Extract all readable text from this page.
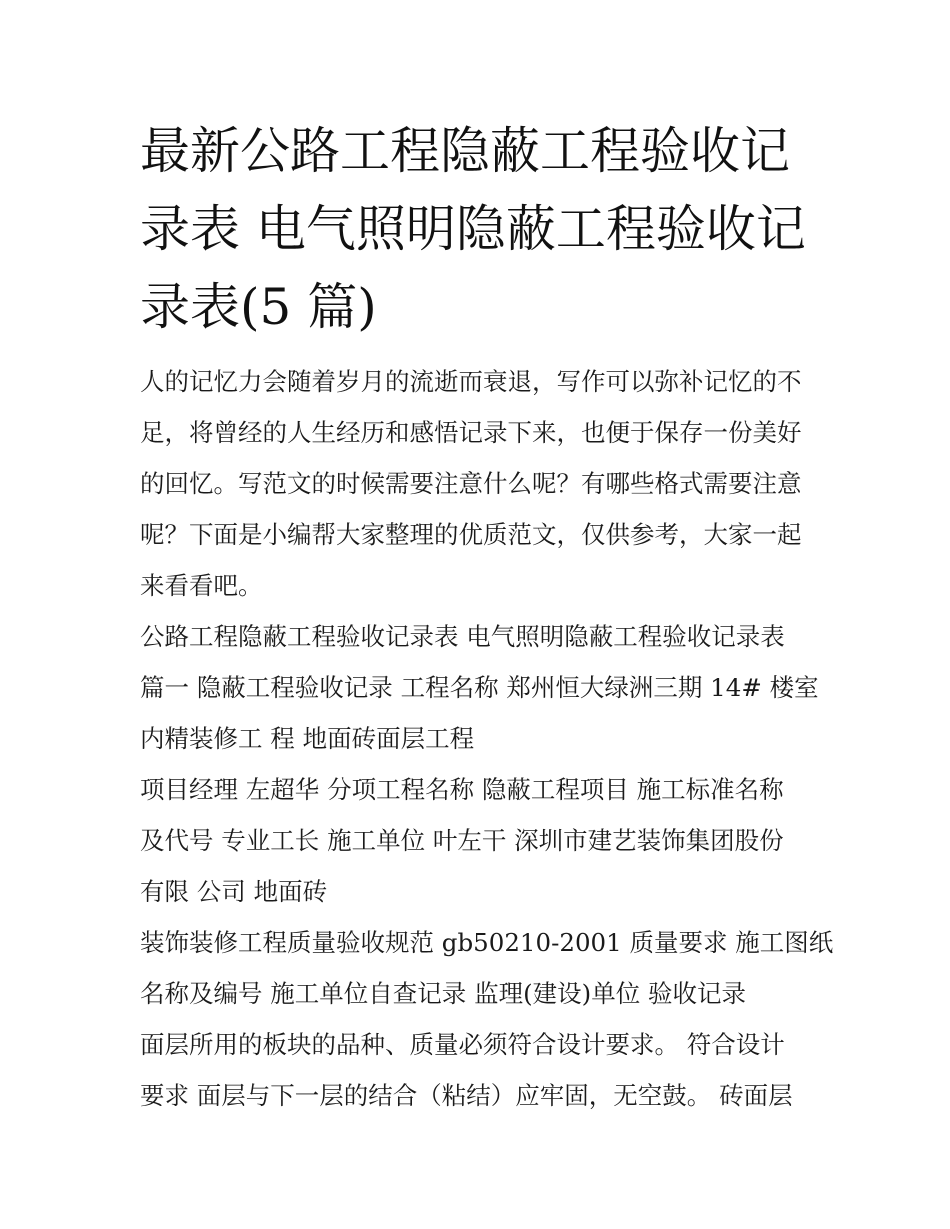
最新公路工程隐蔽工程验收记
录表 电气照明隐蔽工程验收记
录表(5 篇)
人的记忆力会随着岁月的流逝而衰退，写作可以弥补记忆的不
足，将曾经的人生经历和感悟记录下来，也便于保存一份美好
的回忆。写范文的时候需要注意什么呢？有哪些格式需要注意
呢？下面是小编帮大家整理的优质范文，仅供参考，大家一起
来看看吧。
公路工程隐蔽工程验收记录表 电气照明隐蔽工程验收记录表
篇一 隐蔽工程验收记录 工程名称 郑州恒大绿洲三期 14# 楼室
内精装修工 程 地面砖面层工程
项目经理 左超华 分项工程名称 隐蔽工程项目 施工标准名称
及代号 专业工长 施工单位 叶左干 深圳市建艺装饰集团股份
有限 公司 地面砖
装饰装修工程质量验收规范 gb50210-2001 质量要求 施工图纸
名称及编号 施工单位自查记录 监理(建设)单位 验收记录
面层所用的板块的品种、质量必须符合设计要求。 符合设计
要求 面层与下一层的结合（粘结）应牢固，无空鼓。 砖面层
